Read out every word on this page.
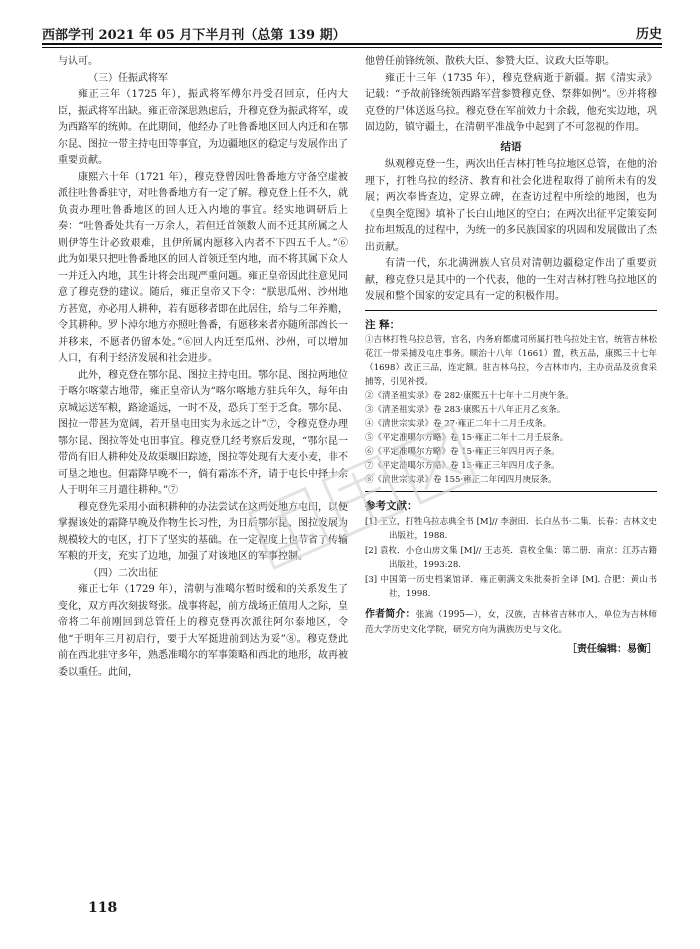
西部学刊 2021 年 05 月下半月刊（总第 139 期）	历史

与认可。

（三）任振武将军

雍正三年（1725 年），振武将军傅尔丹受召回京，任内大臣，振武将军出缺。雍正帝深思熟虑后，升穆克登为振武将军，或为西路军的统帅。在此期间，他经办了吐鲁番地区回人内迁和在鄂尔昆、图拉一带主持屯田等事宜，为边疆地区的稳定与发展作出了重要贡献。

康熙六十年（1721 年），穆克登曾因吐鲁番地方守备空虚被派往吐鲁番驻守，对吐鲁番地方有一定了解。穆克登上任不久，就负责办理吐鲁番地区的回人迁入内地的事宜。经实地调研后上奏：“吐鲁番处共有一万余人，若但迁首领数人而不迁其所属之人则伊等生计必致艰难，且伊所属内愿移入内者不下四五千人。”⑥此为如果只把吐鲁番地区的回人首领迁至内地，而不将其属下众人一并迁入内地，其生计将会出现严重问题。雍正皇帝因此往意见同意了穆克登的建议。随后，雍正皇帝又下令：“朕思瓜州、沙州地方甚宽，亦必用人耕种，若有愿移者即在此居住，给与二年养赡，令其耕种。罗卜淖尔地方亦照吐鲁番，有愿移来者亦随所部酋长一并移来，不愿者仍留本处。”⑥回人内迁至瓜州、沙州，可以增加人口，有利于经济发展和社会进步。

此外，穆克登在鄂尔昆、图拉主持屯田。鄂尔昆、图拉两地位于喀尔喀蒙古地带，雍正皇帝认为“喀尔喀地方驻兵年久，每年由京城运送军粮，路途遥远，一时不及，恐兵丁至于乏食。鄂尔昆、图拉一带甚为宽阔，若开垦屯田实为永远之计”⑦，令穆克登办理鄂尔昆、图拉等处屯田事宜。穆克登几经考察后发现，“鄂尔昆一带尚有旧人耕种处及故渠堰旧踪迹，图拉等处现有大麦小麦，非不可垦之地也。但霜降早晚不一，倘有霜冻不齐，请于屯长中择十余人于明年三月遣往耕种。”⑦

穆克登先采用小面积耕种的办法尝试在这两处地方屯田，以便掌握该处的霜降早晚及作物生长习性，为日后鄂尔昆、图拉发展为规模较大的屯区，打下了坚实的基础。在一定程度上也节省了传输军粮的开支，充实了边地，加强了对该地区的军事控制。

（四）二次出征

雍正七年（1729 年），清朝与准噶尔暂时缓和的关系发生了变化，双方再次刻拔弩张。战事将起，前方战场正值用人之际，皇帝将二年前刚回到总管任上的穆克登再次派往阿尔泰地区，令他“于明年三月初启行，要于大军挺进前到达为妥”⑧。穆克登此前在西北驻守多年，熟悉准噶尔的军事策略和西北的地形，故再被委以重任。此间，

他曾任前锋统领、散秩大臣、参赞大臣、议政大臣等职。

雍正十三年（1735 年），穆克登病逝于新疆。据《清实录》记载：“予故前锋统领西路军营参赞穆克登、祭葬如例”。⑨并将穆克登的尸体送返乌拉。穆克登在军前效力十余载，他充实边地，巩固边防，镇守疆土，在清朝平准战争中起到了不可忽视的作用。

结语

纵观穆克登一生，两次出任吉林打牲乌拉地区总管，在他的治理下，打牲乌拉的经济、教育和社会化进程取得了前所未有的发展；两次奉皆查边，定界立碑，在查访过程中所绘的地图，也为《皇舆全览图》填补了长白山地区的空白；在两次出征平定策妄阿拉布坦叛乱的过程中，为统一的多民族国家的巩固和发展做出了杰出贡献。

有清一代，东北满洲族人官员对清朝边疆稳定作出了重要贡献，穆克登只是其中的一个代表，他的一生对吉林打牲乌拉地区的发展和整个国家的安定具有一定的积极作用。

注 释：

①吉林打牲乌拉总管，官名，内务府都虞司所属打牲乌拉处主官，统管吉林松花江一带采捕及屯庄事务。顺治十八年（1661）置，秩五品，康熙三十七年（1698）改正三品，连定额。驻吉林乌拉，今吉林市内，主办贡品及贡食采捕等，引见补授。
②《清圣祖实录》卷 282·康熙五十七年十二月庚午条。
③《清圣祖实录》卷 283·康熙五十八年正月乙亥条。
④《清世宗实录》卷 27·雍正二年十二月壬戌条。
⑤《平定准噶尔方略》卷 15·雍正二年十二月壬辰条。
⑥《平定准噶尔方略》卷 15·雍正三年四月丙子条。
⑦《平定准噶尔方略》卷 15·雍正三年四月戊子条。
⑧《清世宗实录》卷 155·雍正二年闰四月庚辰条。

参考文献：

[1] 王立，打牲乌拉志典全书 [M]// 李澍田．长白丛书·二集．长春：吉林文史出版社，1988.
[2] 袁枚．小仓山房文集 [M]// 王志英．袁枚全集：第二册．南京：江苏古籍出版社，1993:28.
[3] 中国第一历史档案馆译．雍正朝满文朱批奏折全译 [M]. 合肥：黄山书社，1998.
作者简介：张嵩（1995—），女，汉族，吉林省吉林市人，单位为吉林师范大学历史文化学院，研究方向为满族历史与文化。
［责任编辑：易衡］
118
